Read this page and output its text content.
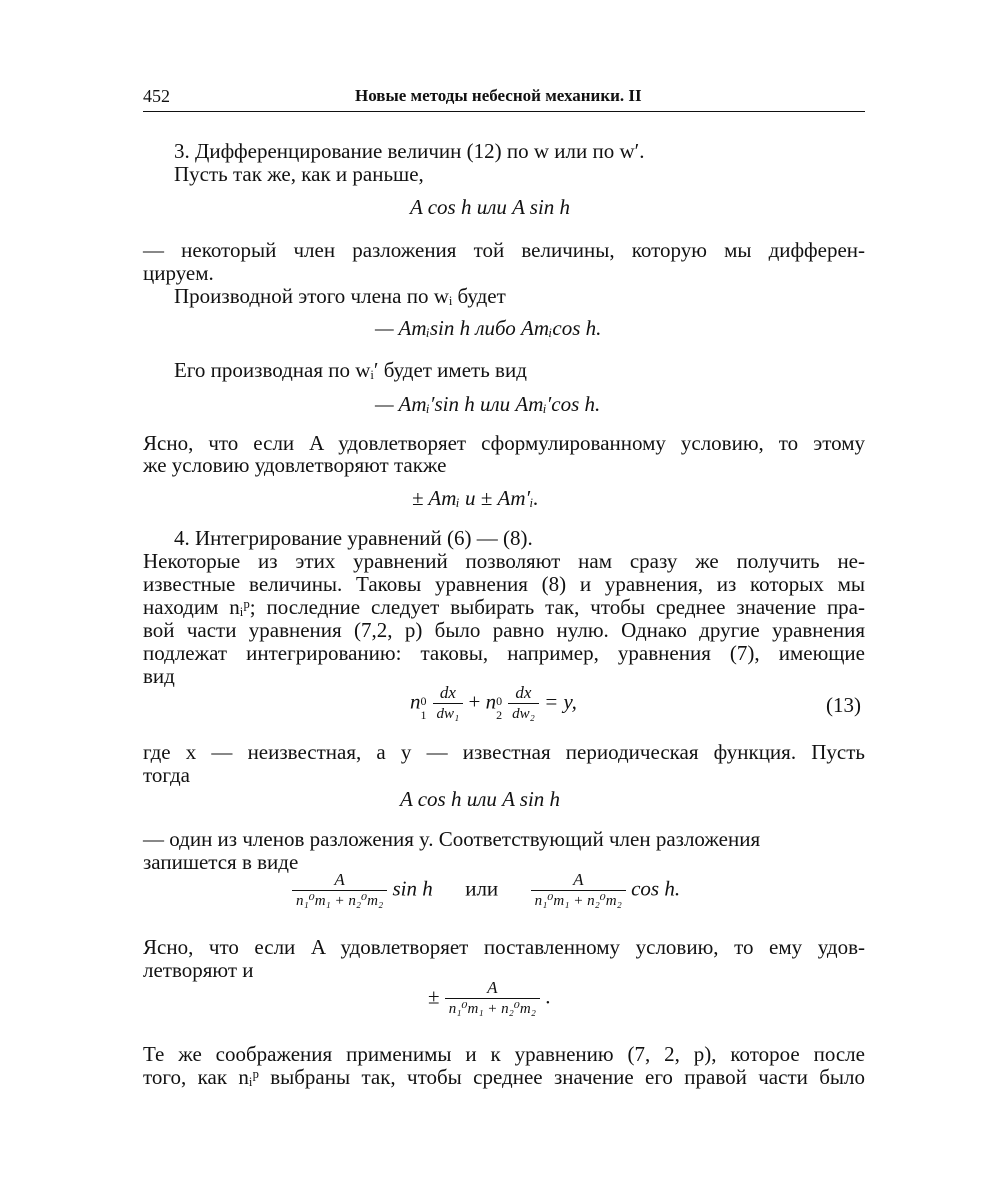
452	Новые методы небесной механики. II
3. Дифференцирование величин (12) по w или по w′.
Пусть так же, как и раньше,
A cos h или A sin h
— некоторый член разложения той величины, которую мы дифферен-
цируем.
Производной этого члена по wᵢ будет
— Amᵢsin h либо Amᵢcos h.
Его производная по wᵢ′ будет иметь вид
— Amᵢ′sin h или Amᵢ′cos h.
Ясно, что если A удовлетворяет сформулированному условию, то этому
же условию удовлетворяют также
± Amᵢ и ± Am′ᵢ.
4. Интегрирование уравнений (6) — (8).
Некоторые из этих уравнений позволяют нам сразу же получить не-
известные величины. Таковы уравнения (8) и уравнения, из которых мы
находим nᵢᵖ; последние следует выбирать так, чтобы среднее значение пра-
вой части уравнения (7,2, p) было равно нулю. Однако другие уравнения
подлежат интегрированию: таковы, например, уравнения (7), имеющие
вид
n 0
$1 \frac{dx}{\text{dw₁}} + n$ 0
$2 \frac{dx}{\text{dw₂}} = y$,	(13)
где x — неизвестная, а y — известная периодическая функция. Пусть
тогда
A cos h или A sin h
— один из членов разложения y. Соответствующий член разложения
запишется в виде
$\frac{A}{\text{n₁⁰m₁ + n₂⁰m₂}}$ sin h или $\frac{A}{\text{n₁⁰m₁ + n₂⁰m₂}}$ cos h.
Ясно, что если A удовлетворяет поставленному условию, то ему удов-
летворяют и
± $\frac{A}{\text{n₁⁰m₁ + n₂⁰m₂}}$ .
Те же соображения применимы и к уравнению (7, 2, p), которое после
того, как nᵢᵖ выбраны так, чтобы среднее значение его правой части было
